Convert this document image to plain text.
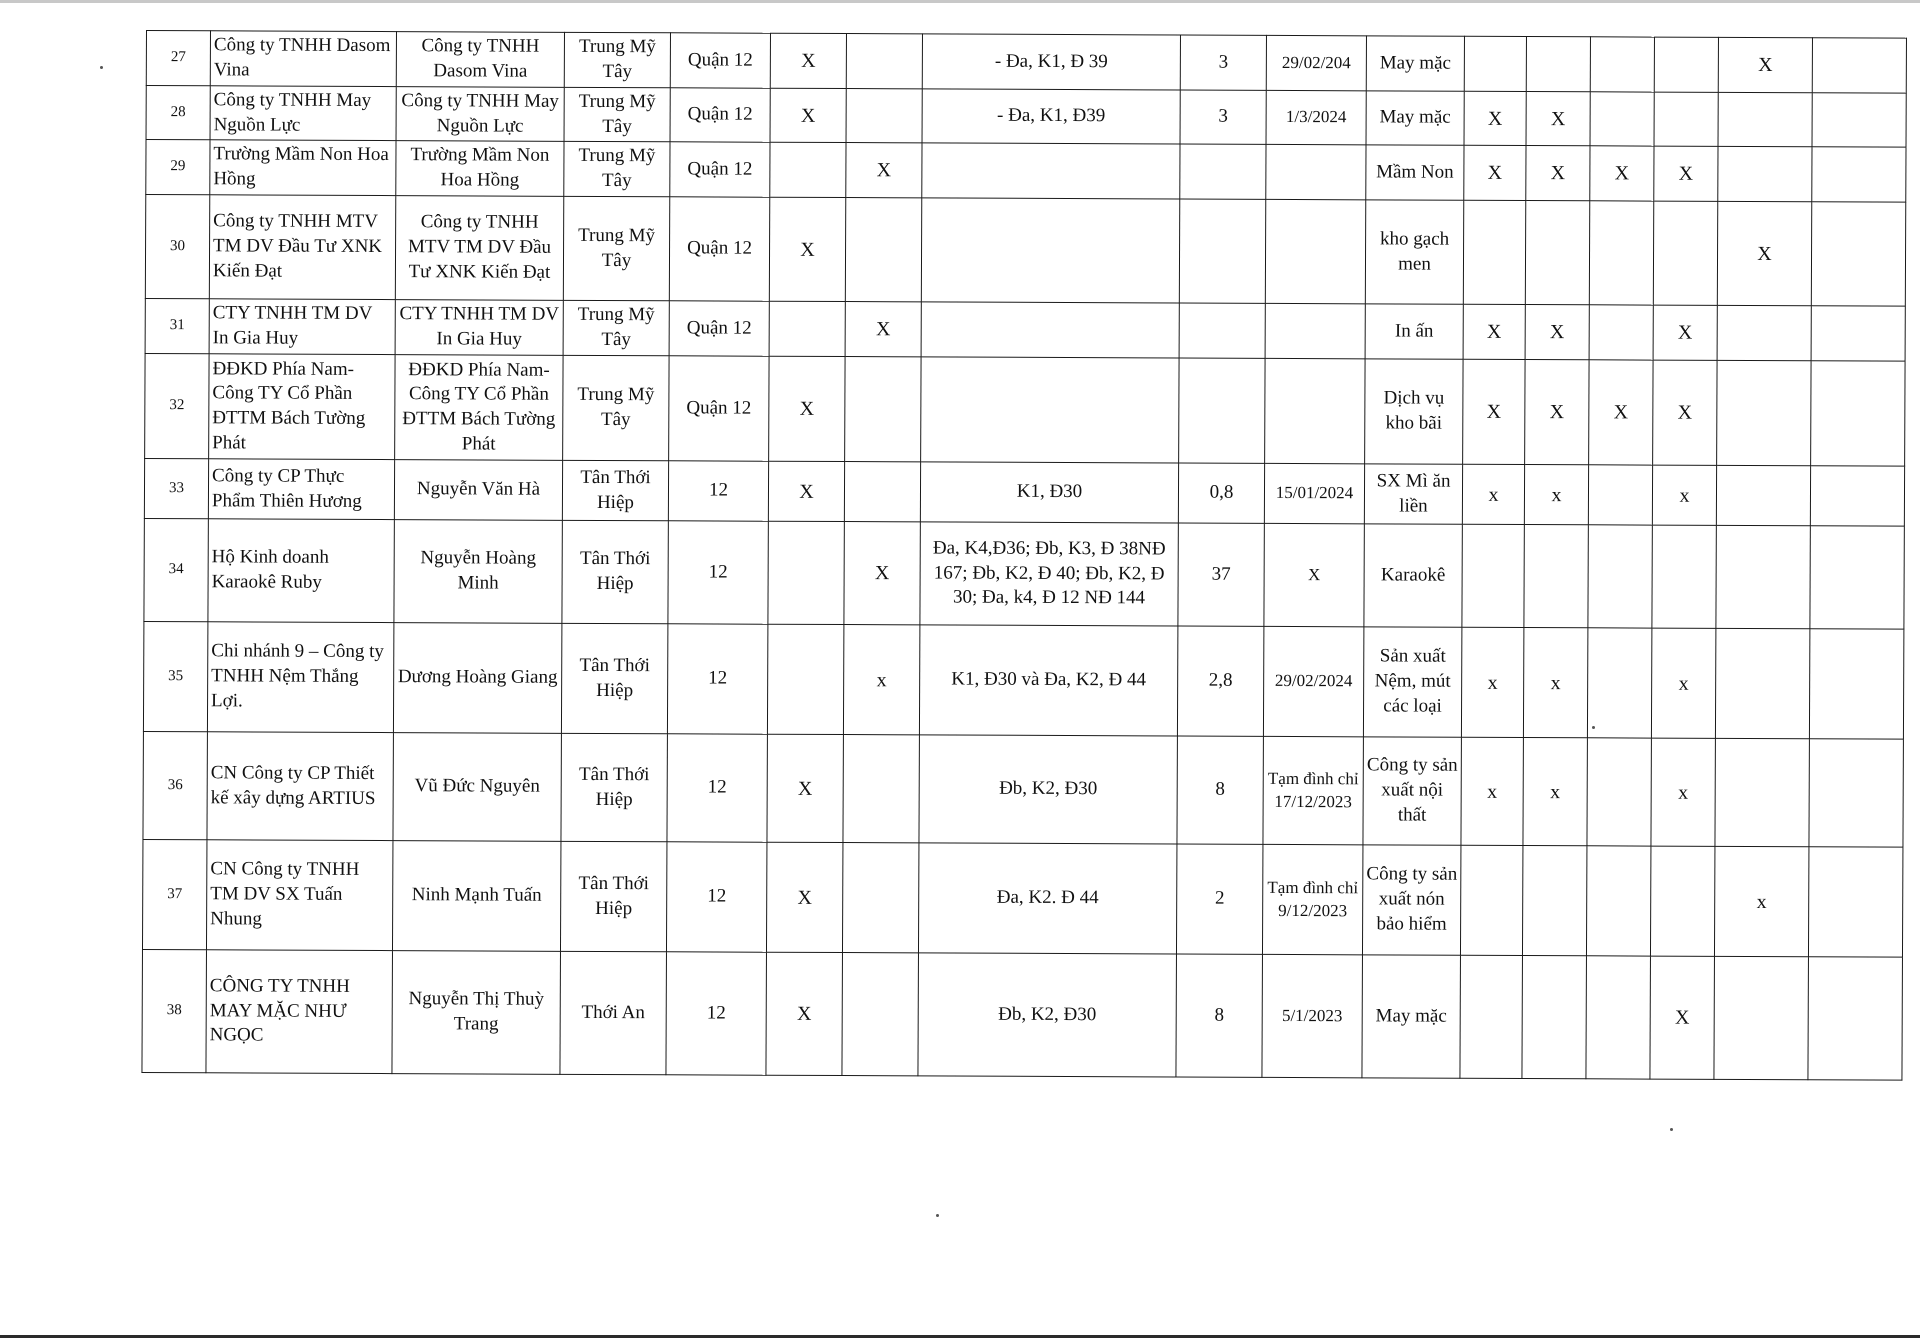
27	Công ty TNHH Dasom Vina	Công ty TNHH Dasom Vina	Trung Mỹ Tây	Quận 12	X		- Đa, K1, Đ 39	3	29/02/204	May mặc					X	
28	Công ty TNHH May Nguồn Lực	Công ty TNHH May Nguồn Lực	Trung Mỹ Tây	Quận 12	X		- Đa, K1, Đ39	3	1/3/2024	May mặc	X	X				
29	Trường Mầm Non Hoa Hồng	Trường Mầm Non Hoa Hồng	Trung Mỹ Tây	Quận 12		X				Mầm Non	X	X	X	X		
30	Công ty TNHH MTV TM DV Đầu Tư XNK Kiến Đạt	Công ty TNHH MTV TM DV Đầu Tư XNK Kiến Đạt	Trung Mỹ Tây	Quận 12	X					kho gạch men					X	
31	CTY TNHH TM DV In Gia Huy	CTY TNHH TM DV In Gia Huy	Trung Mỹ Tây	Quận 12		X				In ấn	X	X		X		
32	ĐĐKD Phía Nam- Công TY Cổ Phần ĐTTM Bách Tường Phát	ĐĐKD Phía Nam- Công TY Cổ Phần ĐTTM Bách Tường Phát	Trung Mỹ Tây	Quận 12	X					Dịch vụ kho bãi	X	X	X	X		
33	Công ty CP Thực Phẩm Thiên Hương	Nguyễn Văn Hà	Tân Thới Hiệp	12	X		K1, Đ30	0,8	15/01/2024	SX Mì ăn liền	x	x		x		
34	Hộ Kinh doanh Karaokê Ruby	Nguyễn Hoàng Minh	Tân Thới Hiệp	12		X	Đa, K4,Đ36; Đb, K3, Đ 38NĐ 167; Đb, K2, Đ 40; Đb, K2, Đ 30; Đa, k4, Đ 12 NĐ 144	37	X	Karaokê						
35	Chi nhánh 9 – Công ty TNHH Nệm Thắng Lợi.	Dương Hoàng Giang	Tân Thới Hiệp	12		x	K1, Đ30 và Đa, K2, Đ 44	2,8	29/02/2024	Sản xuất Nệm, mút các loại	x	x		x		
36	CN Công ty CP Thiết kế xây dựng ARTIUS	Vũ Đức Nguyên	Tân Thới Hiệp	12	X		Đb, K2, Đ30	8	Tạm đình chỉ 17/12/2023	Công ty sản xuất nội thất	x	x		x		
37	CN Công ty TNHH TM DV SX Tuấn Nhung	Ninh Mạnh Tuấn	Tân Thới Hiệp	12	X		Đa, K2. Đ 44	2	Tạm đình chỉ 9/12/2023	Công ty sản xuất nón bảo hiểm					x	
38	CÔNG TY TNHH MAY MẶC NHƯ NGỌC	Nguyễn Thị Thuỳ Trang	Thới An	12	X		Đb, K2, Đ30	8	5/1/2023	May mặc				X		
